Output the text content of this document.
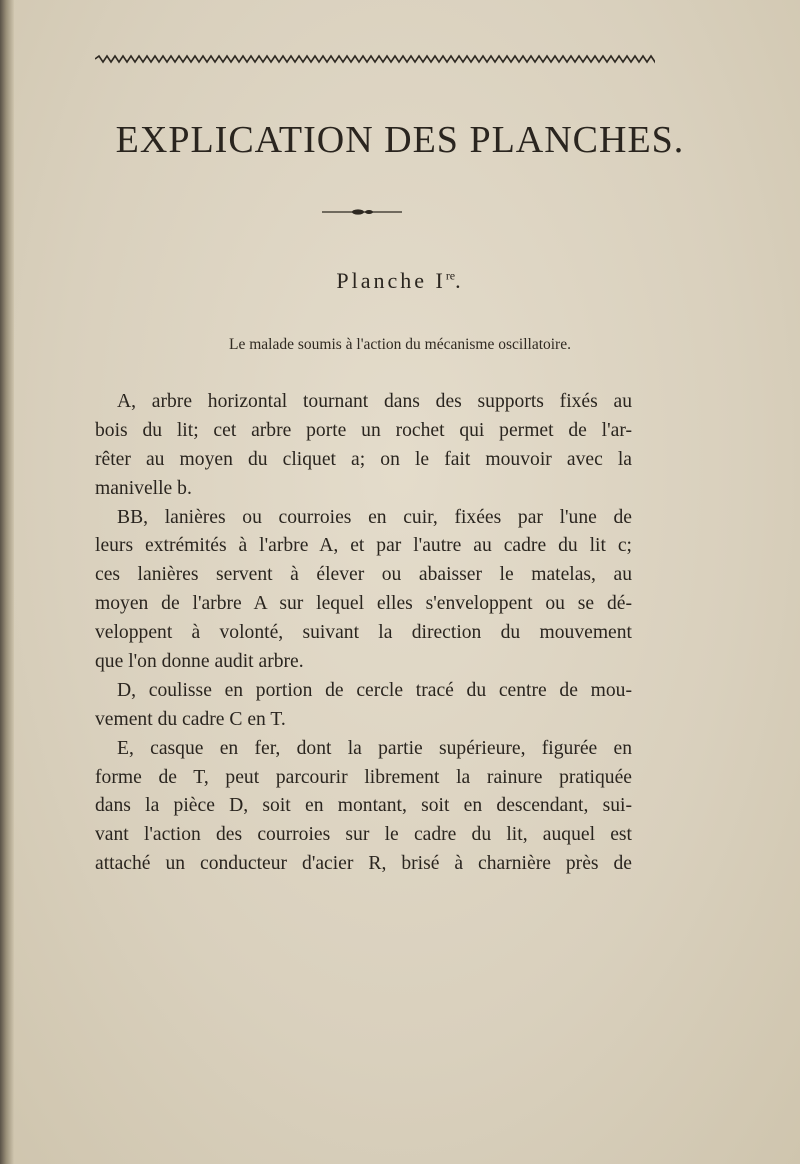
EXPLICATION DES PLANCHES.
Planche Ire.
Le malade soumis à l'action du mécanisme oscillatoire.
A, arbre horizontal tournant dans des supports fixés au
bois du lit; cet arbre porte un rochet qui permet de l'ar-
rêter au moyen du cliquet a; on le fait mouvoir avec la
manivelle b.
BB, lanières ou courroies en cuir, fixées par l'une de
leurs extrémités à l'arbre A, et par l'autre au cadre du lit c;
ces lanières servent à élever ou abaisser le matelas, au
moyen de l'arbre A sur lequel elles s'enveloppent ou se dé-
veloppent à volonté, suivant la direction du mouvement
que l'on donne audit arbre.
D, coulisse en portion de cercle tracé du centre de mou-
vement du cadre C en T.
E, casque en fer, dont la partie supérieure, figurée en
forme de T, peut parcourir librement la rainure pratiquée
dans la pièce D, soit en montant, soit en descendant, sui-
vant l'action des courroies sur le cadre du lit, auquel est
attaché un conducteur d'acier R, brisé à charnière près de
